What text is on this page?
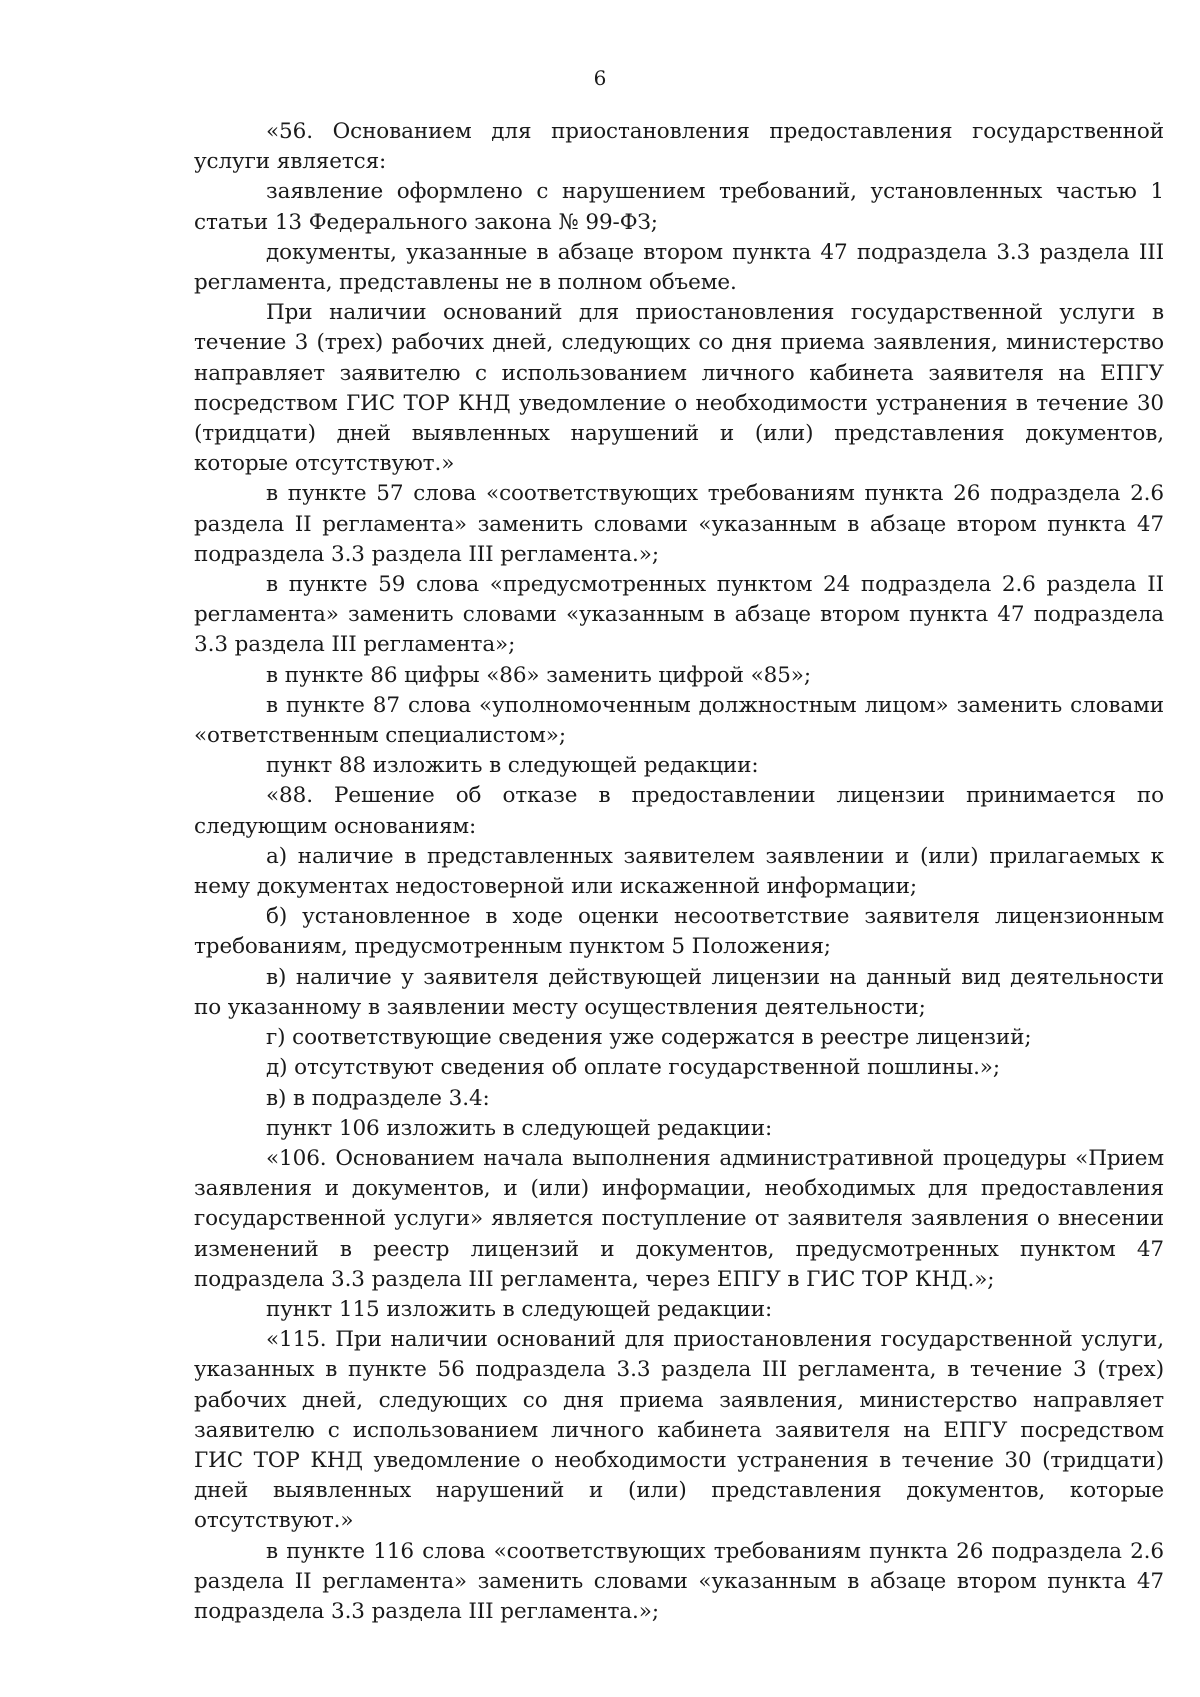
6

«56. Основанием для приостановления предоставления государственной услуги является:

заявление оформлено с нарушением требований, установленных частью 1 статьи 13 Федерального закона № 99-ФЗ;

документы, указанные в абзаце втором пункта 47 подраздела 3.3 раздела III регламента, представлены не в полном объеме.

При наличии оснований для приостановления государственной услуги в течение 3 (трех) рабочих дней, следующих со дня приема заявления, министерство направляет заявителю с использованием личного кабинета заявителя на ЕПГУ посредством ГИС ТОР КНД уведомление о необходимости устранения в течение 30 (тридцати) дней выявленных нарушений и (или) представления документов, которые отсутствуют.»

в пункте 57 слова «соответствующих требованиям пункта 26 подраздела 2.6 раздела II регламента» заменить словами «указанным в абзаце втором пункта 47 подраздела 3.3 раздела III регламента.»;

в пункте 59 слова «предусмотренных пунктом 24 подраздела 2.6 раздела II регламента» заменить словами «указанным в абзаце втором пункта 47 подраздела 3.3 раздела III регламента»;

в пункте 86 цифры «86» заменить цифрой «85»;

в пункте 87 слова «уполномоченным должностным лицом» заменить словами «ответственным специалистом»;

пункт 88 изложить в следующей редакции:

«88. Решение об отказе в предоставлении лицензии принимается по следующим основаниям:

а) наличие в представленных заявителем заявлении и (или) прилагаемых к нему документах недостоверной или искаженной информации;

б) установленное в ходе оценки несоответствие заявителя лицензионным требованиям, предусмотренным пунктом 5 Положения;

в) наличие у заявителя действующей лицензии на данный вид деятельности по указанному в заявлении месту осуществления деятельности;

г) соответствующие сведения уже содержатся в реестре лицензий;

д) отсутствуют сведения об оплате государственной пошлины.»;

в) в подразделе 3.4:

пункт 106 изложить в следующей редакции:

«106. Основанием начала выполнения административной процедуры «Прием заявления и документов, и (или) информации, необходимых для предоставления государственной услуги» является поступление от заявителя заявления о внесении изменений в реестр лицензий и документов, предусмотренных пунктом 47 подраздела 3.3 раздела III регламента, через ЕПГУ в ГИС ТОР КНД.»;

пункт 115 изложить в следующей редакции:

«115. При наличии оснований для приостановления государственной услуги, указанных в пункте 56 подраздела 3.3 раздела III регламента, в течение 3 (трех) рабочих дней, следующих со дня приема заявления, министерство направляет заявителю с использованием личного кабинета заявителя на ЕПГУ посредством ГИС ТОР КНД уведомление о необходимости устранения в течение 30 (тридцати) дней выявленных нарушений и (или) представления документов, которые отсутствуют.»

в пункте 116 слова «соответствующих требованиям пункта 26 подраздела 2.6 раздела II регламента» заменить словами «указанным в абзаце втором пункта 47 подраздела 3.3 раздела III регламента.»;
